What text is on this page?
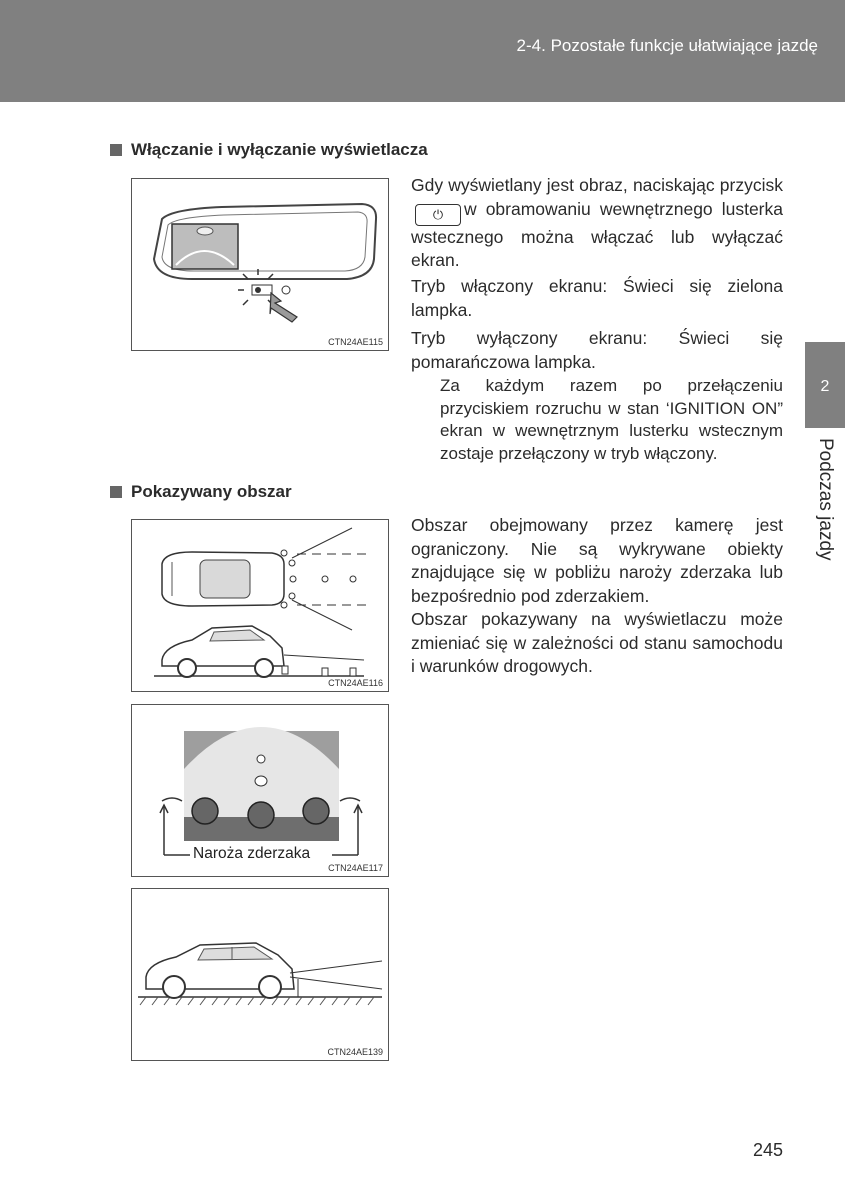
2-4. Pozostałe funkcje ułatwiające jazdę
2
Podczas jazdy
Włączanie i wyłączanie wyświetlacza
CTN24AE115

Gdy wyświetlany jest obraz, naciskając przycisk⏻ w obramowaniu wewnętrznego lusterka wstecznego można włączać lub wyłączać ekran.

Tryb włączony ekranu: Świeci się zielona lampka.

Tryb wyłączony ekranu: Świeci się pomarańczowa lampka.

Za każdym razem po przełączeniu przyciskiem rozruchu w stan ‘IGNITION ON” ekran w wewnętrznym lusterku wstecznym zostaje przełączony w tryb włączony.

Pokazywany obszar
CTN24AE116
CTN24AE117
Naroża zderzaka
CTN24AE139

Obszar obejmowany przez kamerę jest ograniczony. Nie są wykrywane obiekty znajdujące się w pobliżu naroży zderzaka lub bezpośrednio pod zderzakiem.

Obszar pokazywany na wyświetlaczu może zmieniać się w zależności od stanu samochodu i warunków drogowych.

245
